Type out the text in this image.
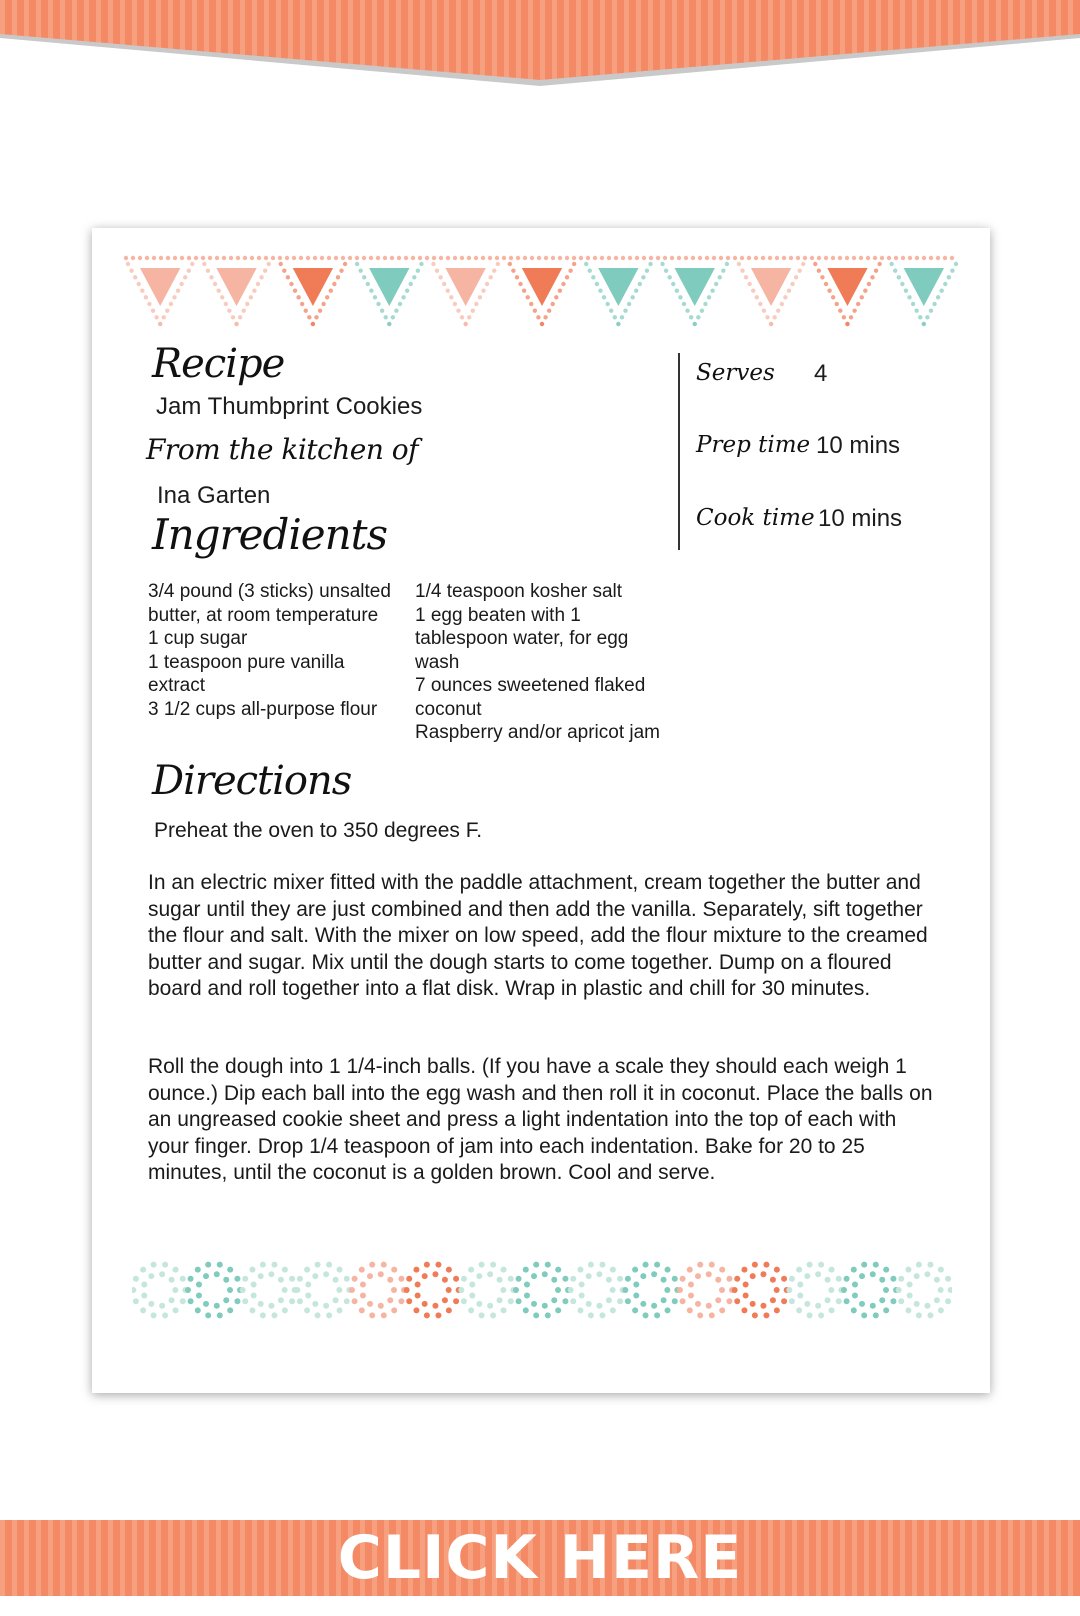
Recipe
Jam Thumbprint Cookies
From the kitchen of
Ina Garten
Ingredients
3/4 pound (3 sticks) unsalted butter, at room temperature
1 cup sugar
1 teaspoon pure vanilla extract
3 1/2 cups all-purpose flour
1/4 teaspoon kosher salt
1 egg beaten with 1 tablespoon water, for egg wash
7 ounces sweetened flaked coconut
Raspberry and/or apricot jam
Serves 4
Prep time 10 mins
Cook time 10 mins
Directions

Preheat the oven to 350 degrees F.

In an electric mixer fitted with the paddle attachment, cream together the butter and sugar until they are just combined and then add the vanilla. Separately, sift together the flour and salt. With the mixer on low speed, add the flour mixture to the creamed butter and sugar. Mix until the dough starts to come together. Dump on a floured board and roll together into a flat disk. Wrap in plastic and chill for 30 minutes.

Roll the dough into 1 1/4-inch balls. (If you have a scale they should each weigh 1 ounce.) Dip each ball into the egg wash and then roll it in coconut. Place the balls on an ungreased cookie sheet and press a light indentation into the top of each with your finger. Drop 1/4 teaspoon of jam into each indentation. Bake for 20 to 25 minutes, until the coconut is a golden brown. Cool and serve.

CLICK HERE
